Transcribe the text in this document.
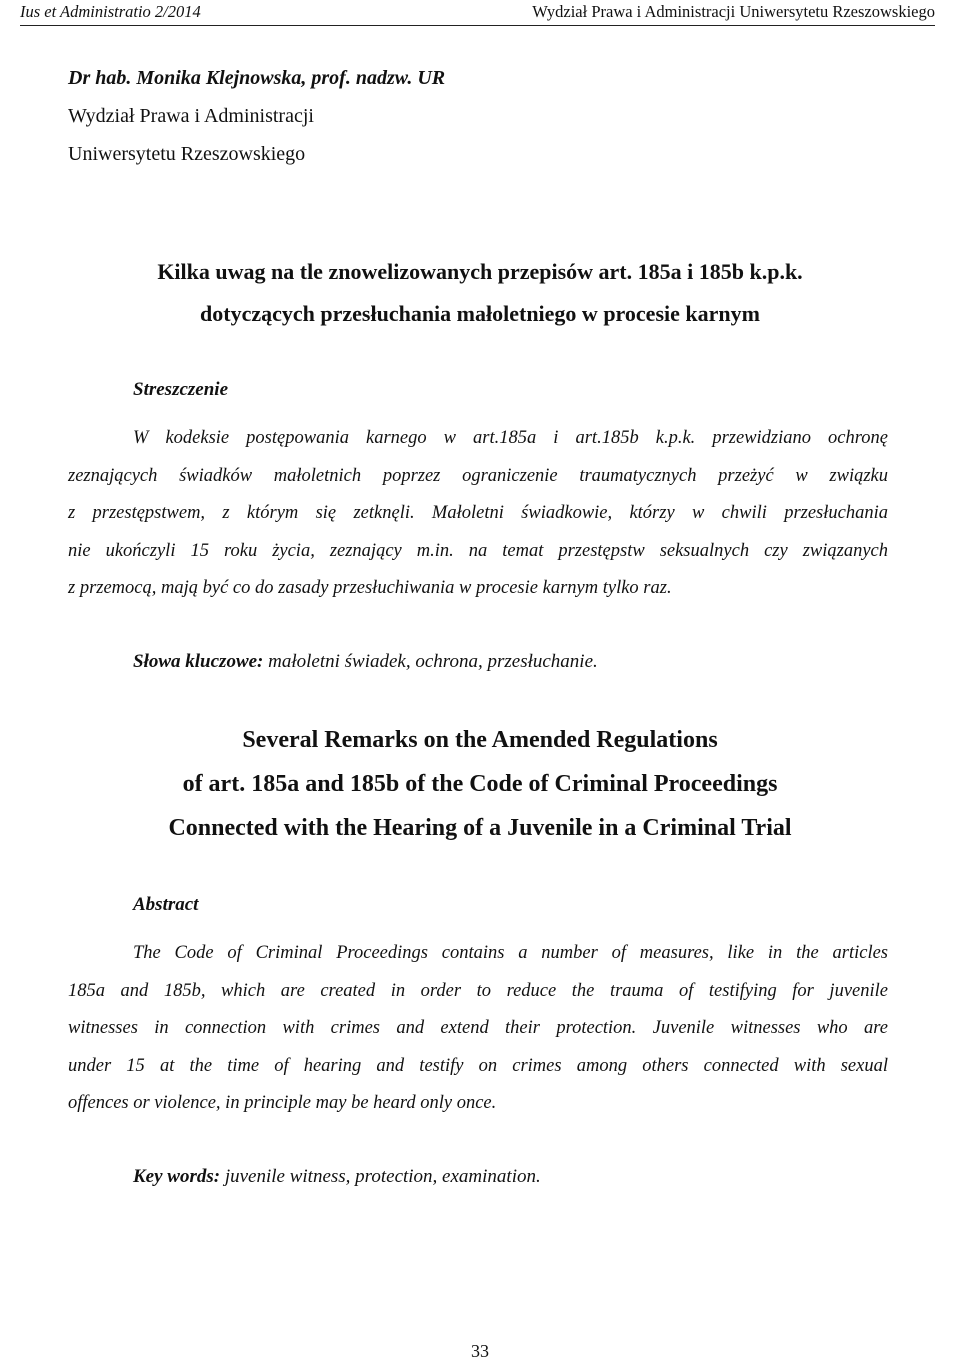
Ius et Administratio 2/2014	Wydział Prawa i Administracji Uniwersytetu Rzeszowskiego
Dr hab. Monika Klejnowska, prof. nadzw. UR
Wydział Prawa i Administracji
Uniwersytetu Rzeszowskiego
Kilka uwag na tle znowelizowanych przepisów art. 185a i 185b k.p.k.
dotyczących przesłuchania małoletniego w procesie karnym
Streszczenie
W kodeksie postępowania karnego w art.185a i art.185b k.p.k. przewidziano ochronę
zeznających świadków małoletnich poprzez ograniczenie traumatycznych przeżyć w związku
z przestępstwem, z którym się zetknęli. Małoletni świadkowie, którzy w chwili przesłuchania
nie ukończyli 15 roku życia, zeznający m.in. na temat przestępstw seksualnych czy związanych
z przemocą, mają być co do zasady przesłuchiwania w procesie karnym tylko raz.
Słowa kluczowe: małoletni świadek, ochrona, przesłuchanie.
Several Remarks on the Amended Regulations
of art. 185a and 185b of the Code of Criminal Proceedings
Connected with the Hearing of a Juvenile in a Criminal Trial
Abstract
The Code of Criminal Proceedings contains a number of measures, like in the articles
185a and 185b, which are created in order to reduce the trauma of testifying for juvenile
witnesses in connection with crimes and extend their protection. Juvenile witnesses who are
under 15 at the time of hearing and testify on crimes among others connected with sexual
offences or violence, in principle may be heard only once.
Key words: juvenile witness, protection, examination.
33
